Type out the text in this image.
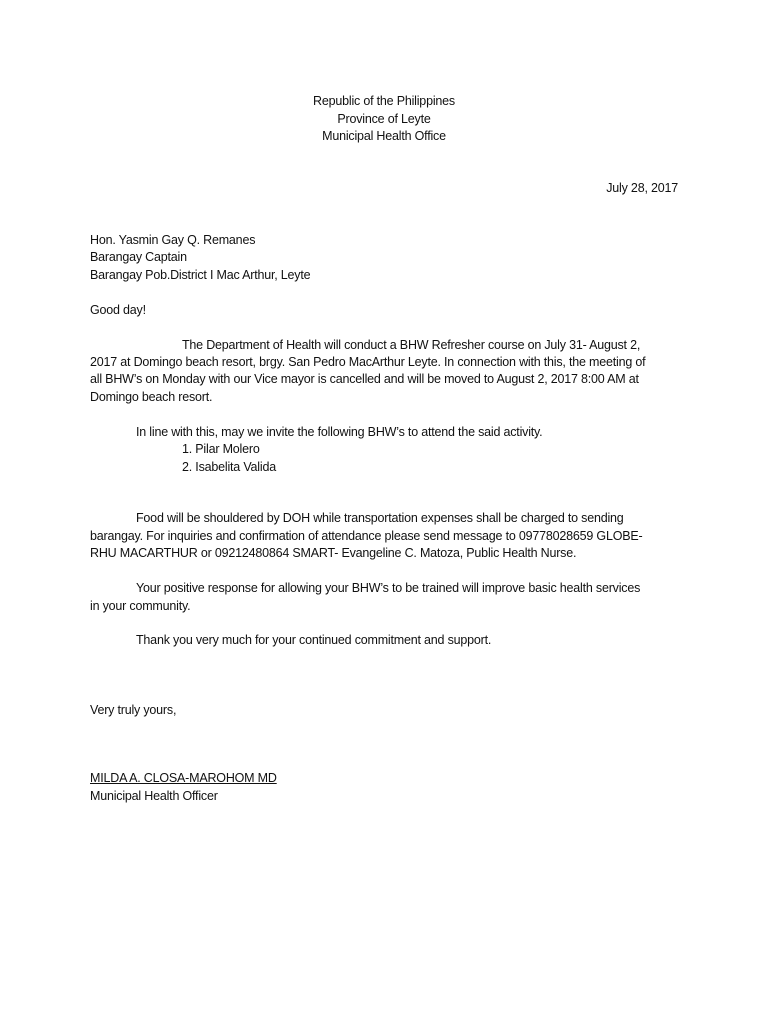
Republic of the Philippines
Province of Leyte
Municipal Health Office
July 28, 2017
Hon. Yasmin Gay Q. Remanes
Barangay Captain
Barangay Pob.District I Mac Arthur, Leyte
Good day!
The Department of Health will conduct a BHW Refresher course on July 31- August 2,
2017 at Domingo beach resort, brgy. San Pedro MacArthur Leyte. In connection with this, the meeting of
all BHW’s on Monday with our Vice mayor is cancelled and will be moved to August 2, 2017 8:00 AM at
Domingo beach resort.
In line with this, may we invite the following BHW’s to attend the said activity.
1. Pilar Molero
2. Isabelita Valida
Food will be shouldered by DOH while transportation expenses shall be charged to sending
barangay. For inquiries and confirmation of attendance please send message to 09778028659 GLOBE-
RHU MACARTHUR or 09212480864 SMART- Evangeline C. Matoza, Public Health Nurse.
Your positive response for allowing your BHW’s to be trained will improve basic health services
in your community.
Thank you very much for your continued commitment and support.
Very truly yours,
MILDA A. CLOSA-MAROHOM MD
Municipal Health Officer
